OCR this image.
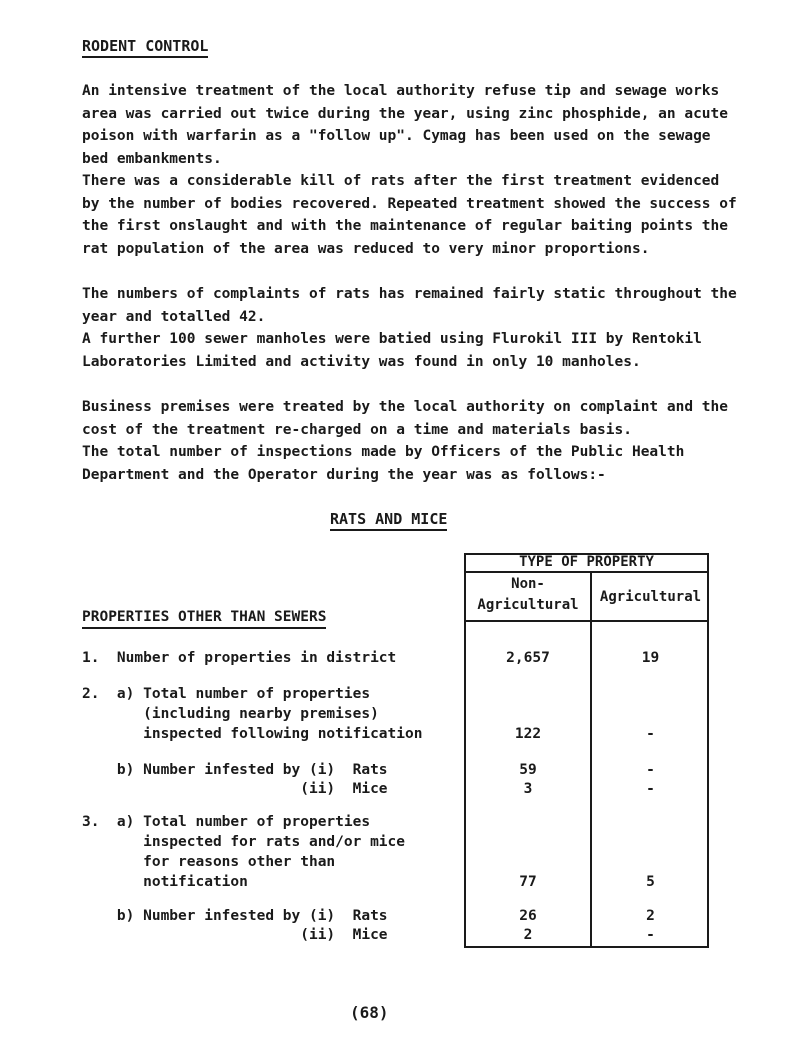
RODENT CONTROL

An intensive treatment of the local authority refuse tip and sewage works area was carried out twice during the year, using zinc phosphide, an acute poison with warfarin as a "follow up". Cymag has been used on the sewage bed embankments.

There was a considerable kill of rats after the first treatment evidenced by the number of bodies recovered. Repeated treatment showed the success of the first onslaught and with the maintenance of regular baiting points the rat population of the area was reduced to very minor proportions.

The numbers of complaints of rats has remained fairly static throughout the year and totalled 42.

A further 100 sewer manholes were batied using Flurokil III by Rentokil Laboratories Limited and activity was found in only 10 manholes.

Business premises were treated by the local authority on complaint and the cost of the treatment re-charged on a time and materials basis.

The total number of inspections made by Officers of the Public Health Department and the Operator during the year was as follows:-

RATS AND MICE
TYPE OF PROPERTY
Non-
Agricultural	Agricultural
PROPERTIES OTHER THAN SEWERS
1.  Number of properties in district	2,657	19
2.  a) Total number of properties
(including nearby premises)
inspected following notification	122	-
b) Number infested by (i)  Rats	59	-
(ii)  Mice	3	-
3.  a) Total number of properties
inspected for rats and/or mice
for reasons other than
notification	77	5
b) Number infested by (i)  Rats	26	2
(ii)  Mice	2	-
(68)
